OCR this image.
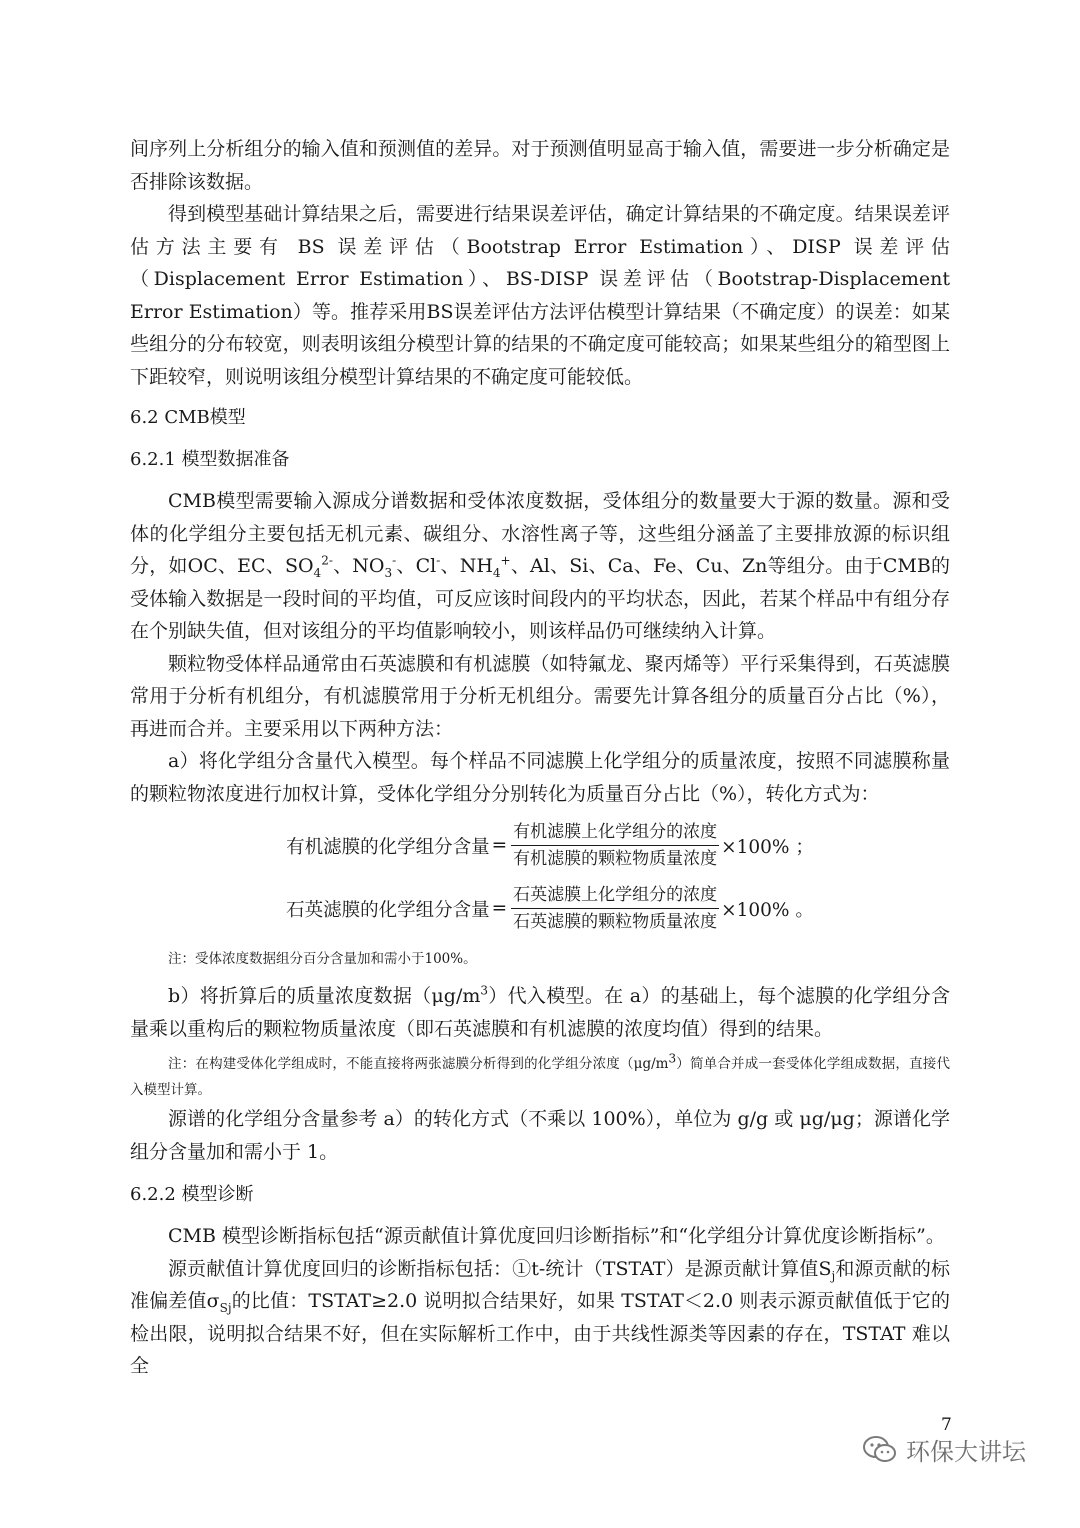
间序列上分析组分的输入值和预测值的差异。对于预测值明显高于输入值，需要进一步分析确定是否排除该数据。

得到模型基础计算结果之后，需要进行结果误差评估，确定计算结果的不确定度。结果误差评估方法主要有 BS 误差评估（Bootstrap Error Estimation）、DISP 误差评估（Displacement Error Estimation）、BS-DISP 误差评估（Bootstrap-Displacement Error Estimation）等。推荐采用BS误差评估方法评估模型计算结果（不确定度）的误差：如某些组分的分布较宽，则表明该组分模型计算的结果的不确定度可能较高；如果某些组分的箱型图上下距较窄，则说明该组分模型计算结果的不确定度可能较低。

6.2 CMB模型
6.2.1 模型数据准备

CMB模型需要输入源成分谱数据和受体浓度数据，受体组分的数量要大于源的数量。源和受体的化学组分主要包括无机元素、碳组分、水溶性离子等，这些组分涵盖了主要排放源的标识组分，如OC、EC、$SO_4^{2-}$、$NO_3^-$、Cl-、$NH_4^+$、Al、Si、Ca、Fe、Cu、Zn等组分。由于CMB的受体输入数据是一段时间的平均值，可反应该时间段内的平均状态，因此，若某个样品中有组分存在个别缺失值，但对该组分的平均值影响较小，则该样品仍可继续纳入计算。

颗粒物受体样品通常由石英滤膜和有机滤膜（如特氟龙、聚丙烯等）平行采集得到，石英滤膜常用于分析有机组分，有机滤膜常用于分析无机组分。需要先计算各组分的质量百分占比（%），再进而合并。主要采用以下两种方法：

a）将化学组分含量代入模型。每个样品不同滤膜上化学组分的质量浓度，按照不同滤膜称量的颗粒物浓度进行加权计算，受体化学组分分别转化为质量百分占比（%），转化方式为：

有机滤膜的化学组分含量 = $\frac{\text{有机滤膜上化学组分的浓度}}{\text{有机滤膜的颗粒物质量浓度}} \times 100\%$ ；
石英滤膜的化学组分含量 = $\frac{\text{石英滤膜上化学组分的浓度}}{\text{石英滤膜的颗粒物质量浓度}} \times 100\%$ 。

注：受体浓度数据组分百分含量加和需小于100%。

b）将折算后的质量浓度数据$(\mu g/m^3)$代入模型。在 a）的基础上，每个滤膜的化学组分含量乘以重构后的颗粒物质量浓度（即石英滤膜和有机滤膜的浓度均值）得到的结果。

注：在构建受体化学组成时，不能直接将两张滤膜分析得到的化学组分浓度$(\mu g/m^3)$简单合并成一套受体化学组成数据，直接代入模型计算。

源谱的化学组分含量参考 a）的转化方式（不乘以 100%），单位为 g/g 或 μg/μg；源谱化学组分含量加和需小于 1。

6.2.2 模型诊断

CMB 模型诊断指标包括“源贡献值计算优度回归诊断指标”和“化学组分计算优度诊断指标”。

源贡献值计算优度回归的诊断指标包括：①t-统计（TSTAT）是源贡献计算值$S_j$和源贡献的标准偏差值$\sigma_{Sj}$的比值：TSTAT≥2.0 说明拟合结果好，如果 TSTAT＜2.0 则表示源贡献值低于它的检出限，说明拟合结果不好，但在实际解析工作中，由于共线性源类等因素的存在，TSTAT 难以全

7
环保大讲坛
